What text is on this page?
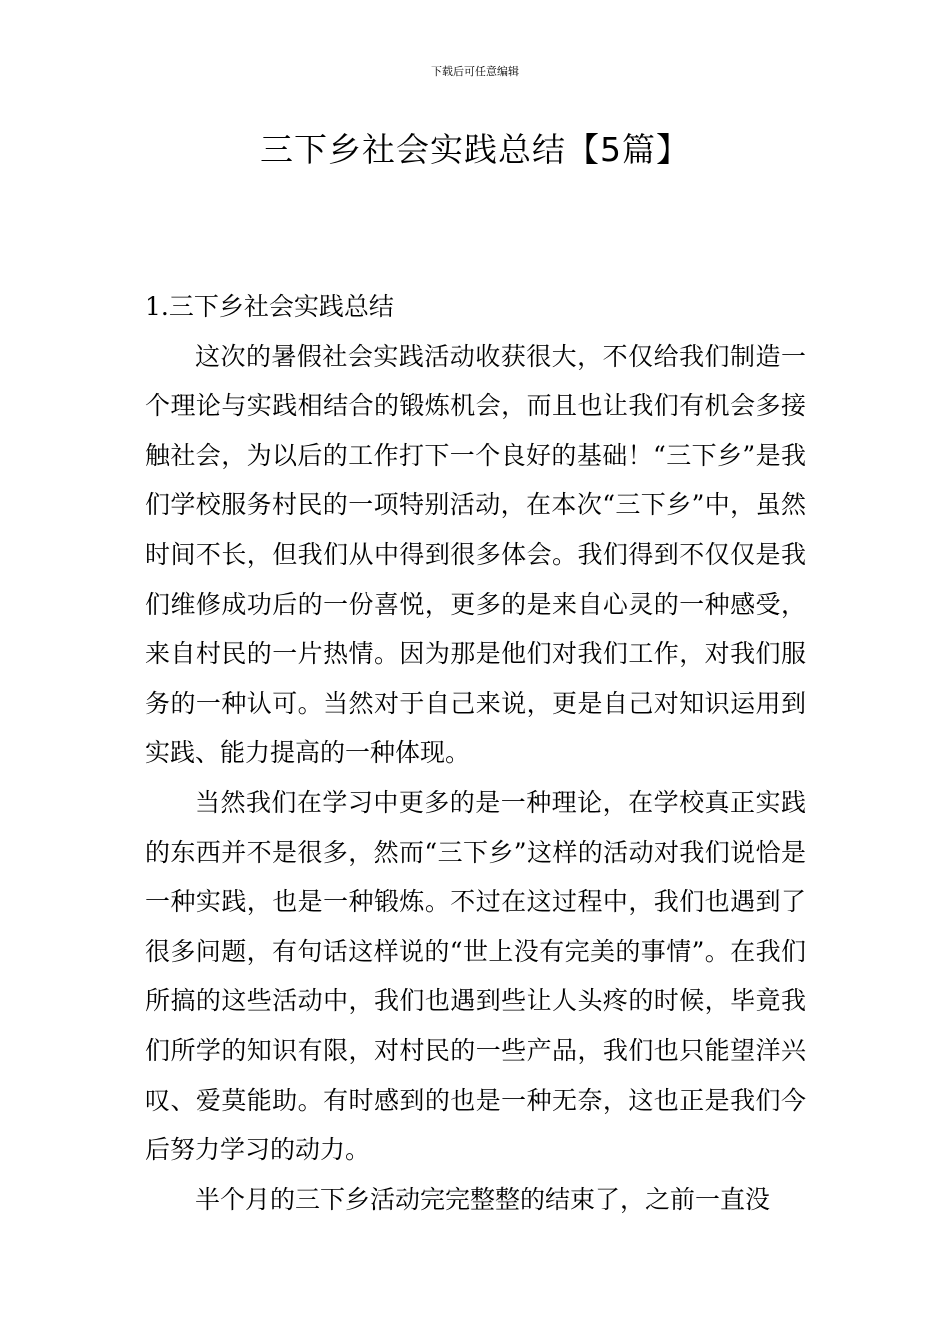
下载后可任意编辑
三下乡社会实践总结【5篇】
1.三下乡社会实践总结

这次的暑假社会实践活动收获很大，不仅给我们制造一个理论与实践相结合的锻炼机会，而且也让我们有机会多接触社会，为以后的工作打下一个良好的基础！“三下乡”是我们学校服务村民的一项特别活动，在本次“三下乡”中，虽然时间不长，但我们从中得到很多体会。我们得到不仅仅是我们维修成功后的一份喜悦，更多的是来自心灵的一种感受，来自村民的一片热情。因为那是他们对我们工作，对我们服务的一种认可。当然对于自己来说，更是自己对知识运用到实践、能力提高的一种体现。

当然我们在学习中更多的是一种理论，在学校真正实践的东西并不是很多，然而“三下乡”这样的活动对我们说恰是一种实践，也是一种锻炼。不过在这过程中，我们也遇到了很多问题，有句话这样说的“世上没有完美的事情”。在我们所搞的这些活动中，我们也遇到些让人头疼的时候，毕竟我们所学的知识有限，对村民的一些产品，我们也只能望洋兴叹、爱莫能助。有时感到的也是一种无奈，这也正是我们今后努力学习的动力。

半个月的三下乡活动完完整整的结束了，之前一直没
